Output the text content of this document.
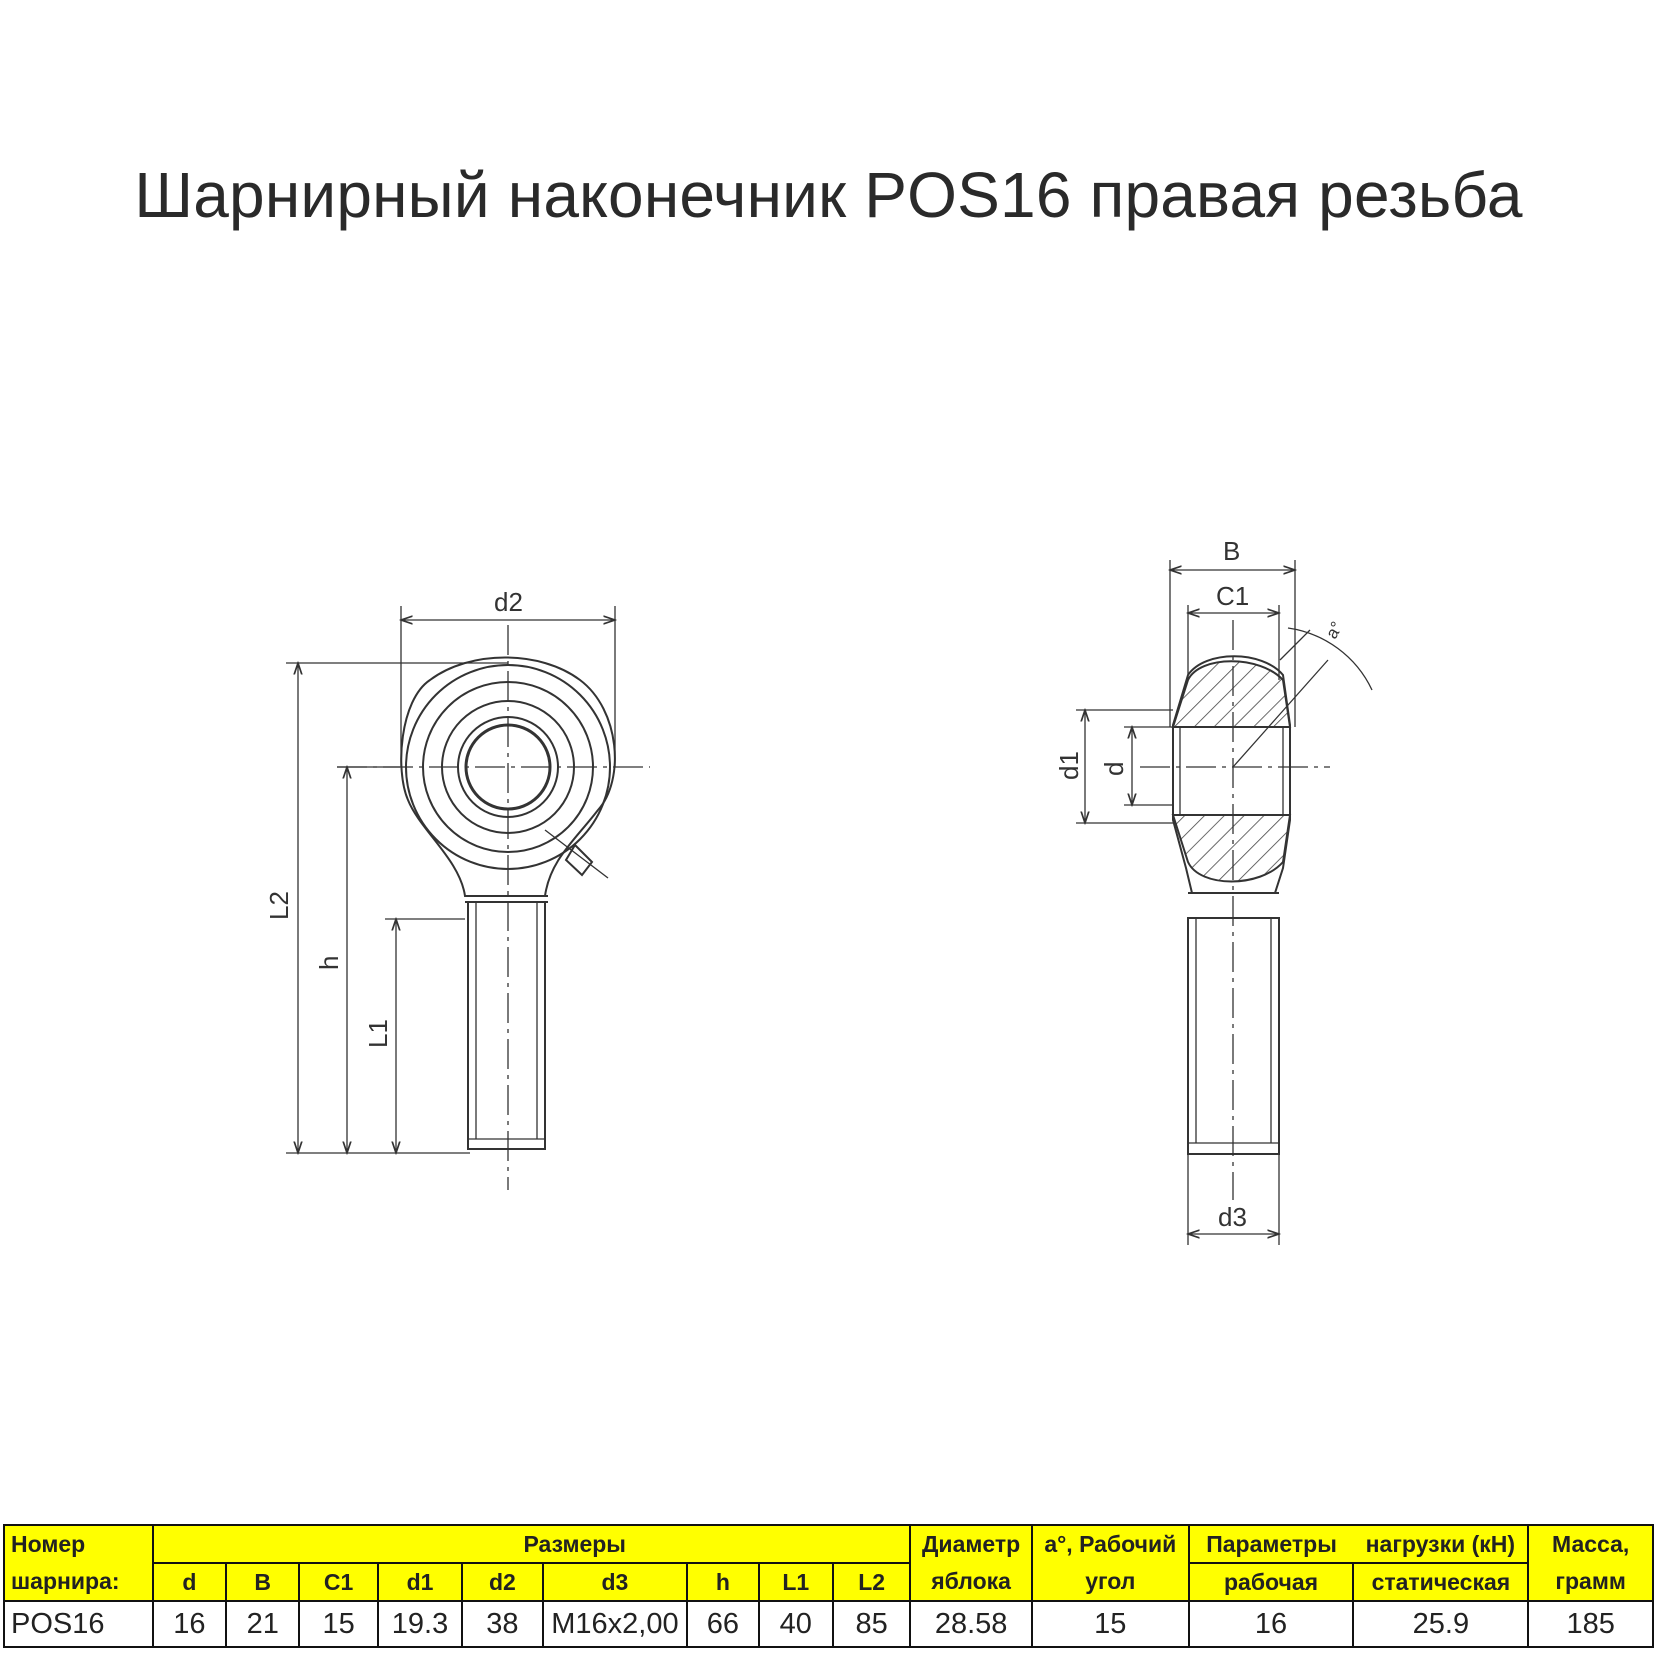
Шарнирный наконечник POS16 правая резьба
d2
L2
h
L1
B
C1
d1 d
d3
a°
Номер					Размеры					Диаметр	a°, Рабочий	Параметры	нагрузки (кН)	Масса,
шарнира:	d	B	C1	d1	d2	d3	h	L1	L2	яблока	угол	рабочая	статическая	грамм
POS16	16	21	15	19.3	38	M16x2,00	66	40	85	28.58	15	16	25.9	185
